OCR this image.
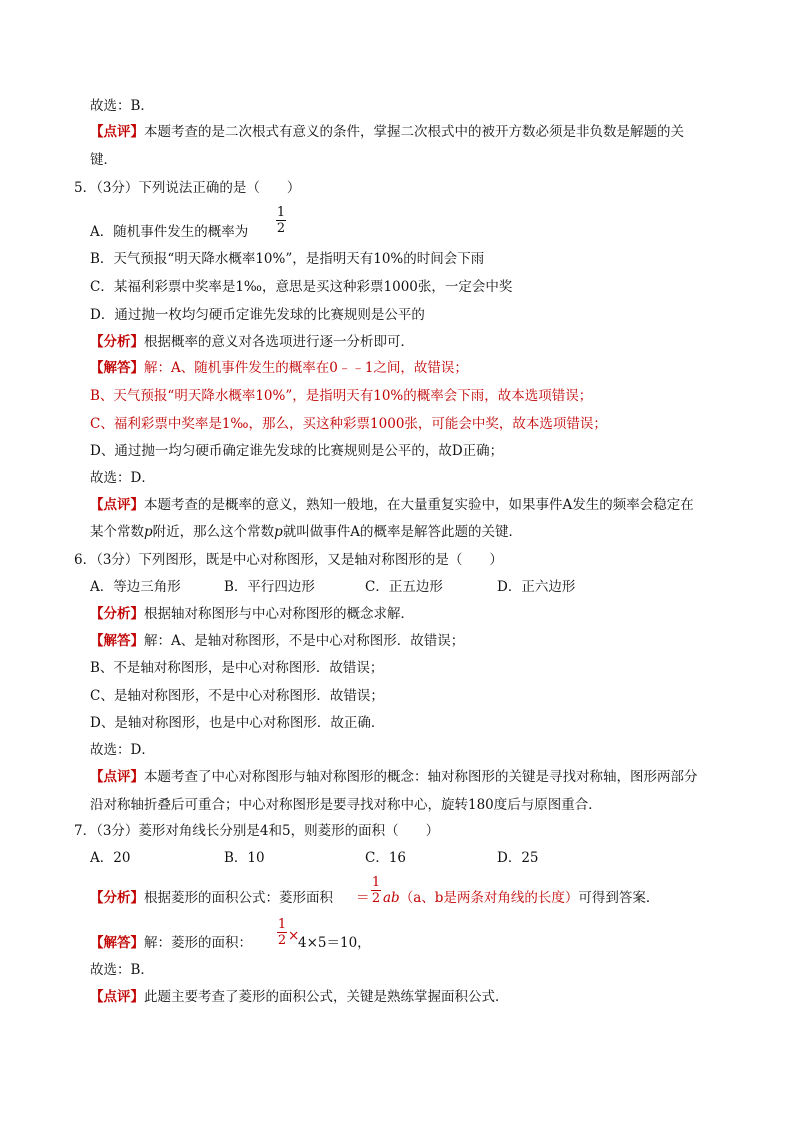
故选：B．
【点评】本题考查的是二次根式有意义的条件，掌握二次根式中的被开方数必须是非负数是解题的关
键．
5．（3分）下列说法正确的是（　　）
A．随机事件发生的概率为
1
2
B．天气预报“明天降水概率10%”，是指明天有10%的时间会下雨
C．某福利彩票中奖率是1‰，意思是买这种彩票1000张，一定会中奖
D．通过抛一枚均匀硬币定谁先发球的比赛规则是公平的
【分析】根据概率的意义对各选项进行逐一分析即可．
【解答】解：A、随机事件发生的概率在0﹣﹣1之间，故错误；
B、天气预报“明天降水概率10%”，是指明天有10%的概率会下雨，故本选项错误；
C、福利彩票中奖率是1‰，那么，买这种彩票1000张，可能会中奖，故本选项错误；
D、通过抛一均匀硬币确定谁先发球的比赛规则是公平的，故D正确；
故选：D．
【点评】本题考查的是概率的意义，熟知一般地，在大量重复实验中，如果事件A发生的频率会稳定在
某个常数p附近，那么这个常数p就叫做事件A的概率是解答此题的关键．
6．（3分）下列图形，既是中心对称图形，又是轴对称图形的是（　　）
A．等边三角形	B．平行四边形	C．正五边形	D．正六边形
【分析】根据轴对称图形与中心对称图形的概念求解．
【解答】解：A、是轴对称图形，不是中心对称图形．故错误；
B、不是轴对称图形，是中心对称图形．故错误；
C、是轴对称图形，不是中心对称图形．故错误；
D、是轴对称图形，也是中心对称图形．故正确．
故选：D．
【点评】本题考查了中心对称图形与轴对称图形的概念：轴对称图形的关键是寻找对称轴，图形两部分
沿对称轴折叠后可重合；中心对称图形是要寻找对称中心，旋转180度后与原图重合．
7．（3分）菱形对角线长分别是4和5，则菱形的面积（　　）
A．20	B．10	C．16	D．25
【分析】根据菱形的面积公式：菱形面积 ＝
1
2 ab（a、b是两条对角线的长度）可得到答案．
【解答】解：菱形的面积：
1
2 ×
4×5＝10，
故选：B．
【点评】此题主要考查了菱形的面积公式，关键是熟练掌握面积公式．
